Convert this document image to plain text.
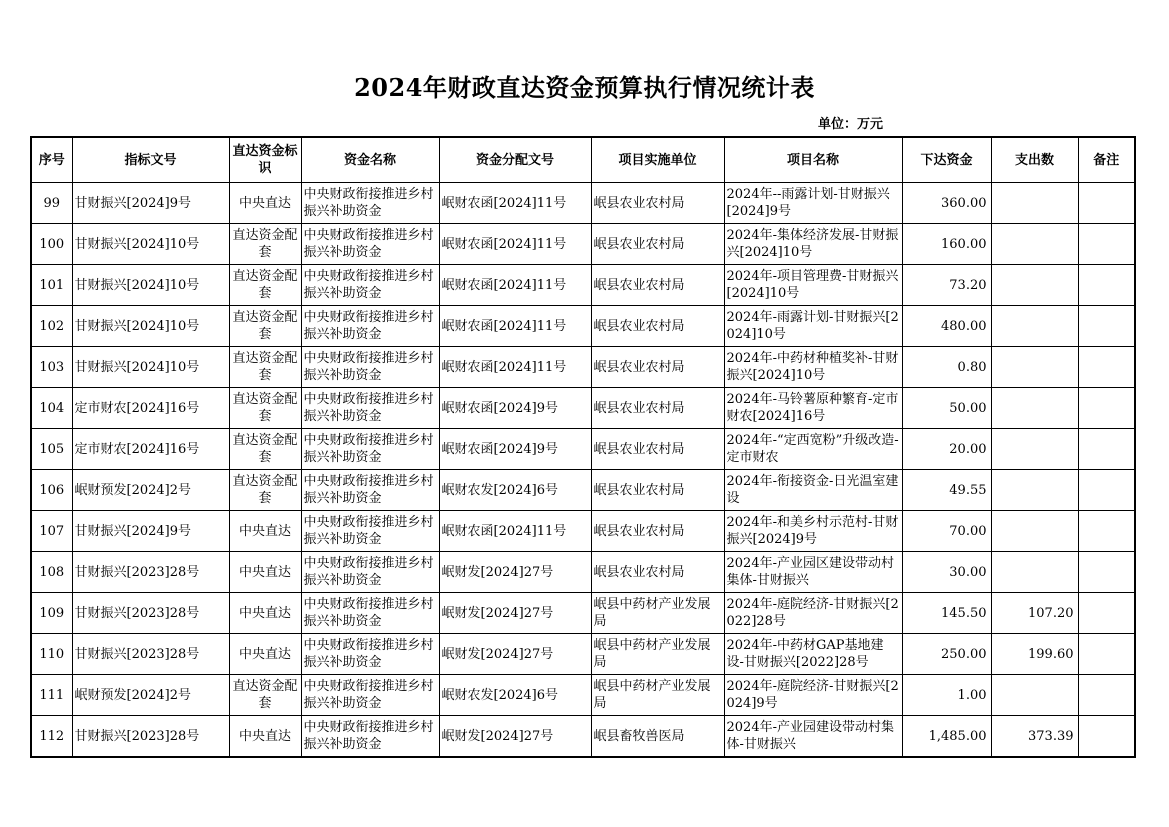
2024年财政直达资金预算执行情况统计表
单位：万元
序号	指标文号	直达资金标识	资金名称	资金分配文号	项目实施单位	项目名称	下达资金	支出数	备注
99	甘财振兴[2024]9号	中央直达	中央财政衔接推进乡村振兴补助资金	岷财农函[2024]11号	岷县农业农村局	2024年--雨露计划-甘财振兴[2024]9号	360.00		
100	甘财振兴[2024]10号	直达资金配套	中央财政衔接推进乡村振兴补助资金	岷财农函[2024]11号	岷县农业农村局	2024年-集体经济发展-甘财振兴[2024]10号	160.00		
101	甘财振兴[2024]10号	直达资金配套	中央财政衔接推进乡村振兴补助资金	岷财农函[2024]11号	岷县农业农村局	2024年-项目管理费-甘财振兴[2024]10号	73.20		
102	甘财振兴[2024]10号	直达资金配套	中央财政衔接推进乡村振兴补助资金	岷财农函[2024]11号	岷县农业农村局	2024年-雨露计划-甘财振兴[2024]10号	480.00		
103	甘财振兴[2024]10号	直达资金配套	中央财政衔接推进乡村振兴补助资金	岷财农函[2024]11号	岷县农业农村局	2024年-中药材种植奖补-甘财振兴[2024]10号	0.80		
104	定市财农[2024]16号	直达资金配套	中央财政衔接推进乡村振兴补助资金	岷财农函[2024]9号	岷县农业农村局	2024年-马铃薯原种繁育-定市财农[2024]16号	50.00		
105	定市财农[2024]16号	直达资金配套	中央财政衔接推进乡村振兴补助资金	岷财农函[2024]9号	岷县农业农村局	2024年-“定西宽粉”升级改造-定市财农	20.00		
106	岷财预发[2024]2号	直达资金配套	中央财政衔接推进乡村振兴补助资金	岷财农发[2024]6号	岷县农业农村局	2024年-衔接资金-日光温室建设	49.55		
107	甘财振兴[2024]9号	中央直达	中央财政衔接推进乡村振兴补助资金	岷财农函[2024]11号	岷县农业农村局	2024年-和美乡村示范村-甘财振兴[2024]9号	70.00		
108	甘财振兴[2023]28号	中央直达	中央财政衔接推进乡村振兴补助资金	岷财发[2024]27号	岷县农业农村局	2024年-产业园区建设带动村集体-甘财振兴	30.00		
109	甘财振兴[2023]28号	中央直达	中央财政衔接推进乡村振兴补助资金	岷财发[2024]27号	岷县中药材产业发展局	2024年-庭院经济-甘财振兴[2022]28号	145.50	107.20	
110	甘财振兴[2023]28号	中央直达	中央财政衔接推进乡村振兴补助资金	岷财发[2024]27号	岷县中药材产业发展局	2024年-中药材GAP基地建设-甘财振兴[2022]28号	250.00	199.60	
111	岷财预发[2024]2号	直达资金配套	中央财政衔接推进乡村振兴补助资金	岷财农发[2024]6号	岷县中药材产业发展局	2024年-庭院经济-甘财振兴[2024]9号	1.00		
112	甘财振兴[2023]28号	中央直达	中央财政衔接推进乡村振兴补助资金	岷财发[2024]27号	岷县畜牧兽医局	2024年-产业园建设带动村集体-甘财振兴	1,485.00	373.39	
